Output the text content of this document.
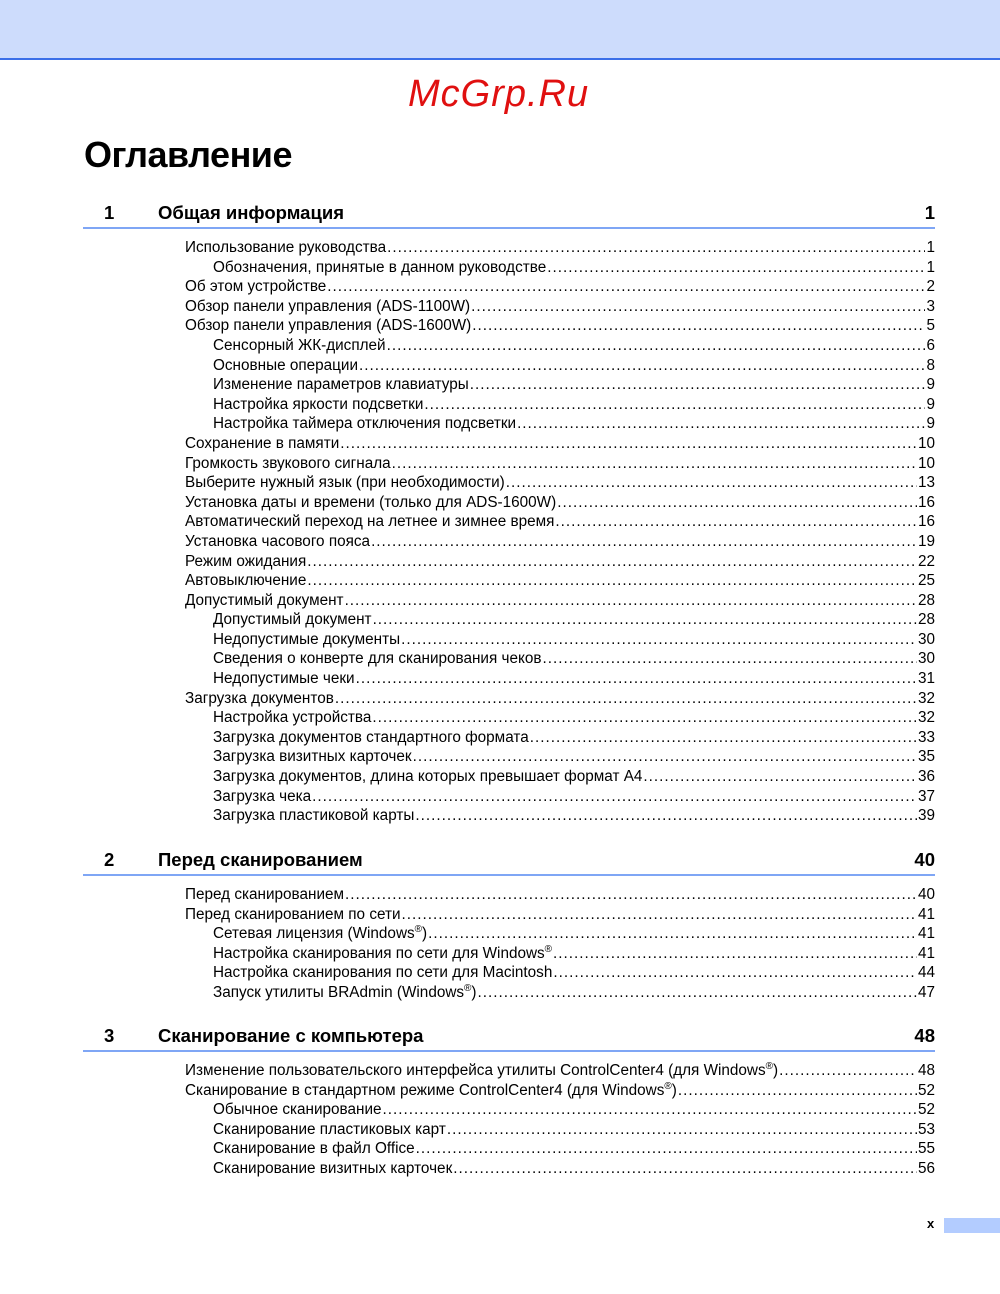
McGrp.Ru
Оглавление
1 Общая информация	1
Использование руководства .....	1
Обозначения, принятые в данном руководстве .....	1
Об этом устройстве .....	2
Обзор панели управления (ADS-1100W) .....	3
Обзор панели управления (ADS-1600W) .....	5
Сенсорный ЖК-дисплей .....	6
Основные операции .....	8
Изменение параметров клавиатуры .....	9
Настройка яркости подсветки .....	9
Настройка таймера отключения подсветки .....	9
Сохранение в памяти .....	10
Громкость звукового сигнала .....	10
Выберите нужный язык (при необходимости) .....	13
Установка даты и времени (только для ADS-1600W) .....	16
Автоматический переход на летнее и зимнее время .....	16
Установка часового пояса .....	19
Режим ожидания .....	22
Автовыключение .....	25
Допустимый документ .....	28
Допустимый документ .....	28
Недопустимые документы .....	30
Сведения о конверте для сканирования чеков .....	30
Недопустимые чеки .....	31
Загрузка документов .....	32
Настройка устройства .....	32
Загрузка документов стандартного формата .....	33
Загрузка визитных карточек .....	35
Загрузка документов, длина которых превышает формат A4 .....	36
Загрузка чека .....	37
Загрузка пластиковой карты .....	39
2 Перед сканированием	40
Перед сканированием .....	40
Перед сканированием по сети .....	41
Сетевая лицензия (Windows®) .....	41
Настройка сканирования по сети для Windows® .....	41
Настройка сканирования по сети для Macintosh .....	44
Запуск утилиты BRAdmin (Windows®) .....	47
3 Сканирование с компьютера	48
Изменение пользовательского интерфейса утилиты ControlCenter4 (для Windows®) .....	48
Сканирование в стандартном режиме ControlCenter4 (для Windows®) .....	52
Обычное сканирование .....	52
Сканирование пластиковых карт .....	53
Сканирование в файл Office .....	55
Сканирование визитных карточек .....	56
x
